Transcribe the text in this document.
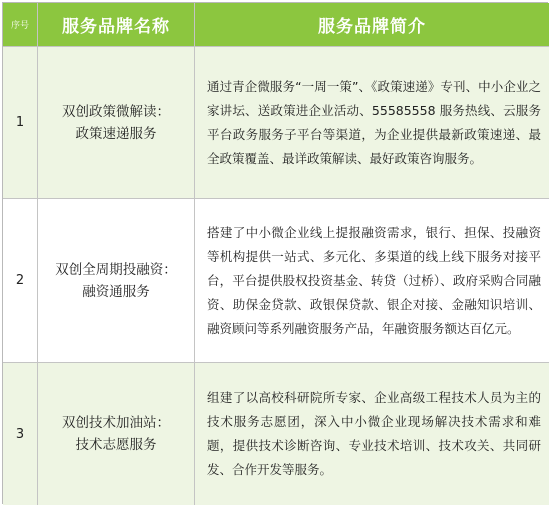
序号	服务品牌名称	服务品牌简介
1
双创政策微解读：
政策速递服务
通过青企微服务“一周一策”、《政策速递》专刊、中小企业之家讲坛、送政策进企业活动、55585558 服务热线、云服务平台政务服务子平台等渠道，为企业提供最新政策速递、最全政策覆盖、最详政策解读、最好政策咨询服务。
2
双创全周期投融资：
融资通服务
搭建了中小微企业线上提报融资需求，银行、担保、投融资等机构提供一站式、多元化、多渠道的线上线下服务对接平台，平台提供股权投资基金、转贷（过桥）、政府采购合同融资、助保金贷款、政银保贷款、银企对接、金融知识培训、融资顾问等系列融资服务产品，年融资服务额达百亿元。
3
双创技术加油站：
技术志愿服务
组建了以高校科研院所专家、企业高级工程技术人员为主的技术服务志愿团，深入中小微企业现场解决技术需求和难题，提供技术诊断咨询、专业技术培训、技术攻关、共同研发、合作开发等服务。
